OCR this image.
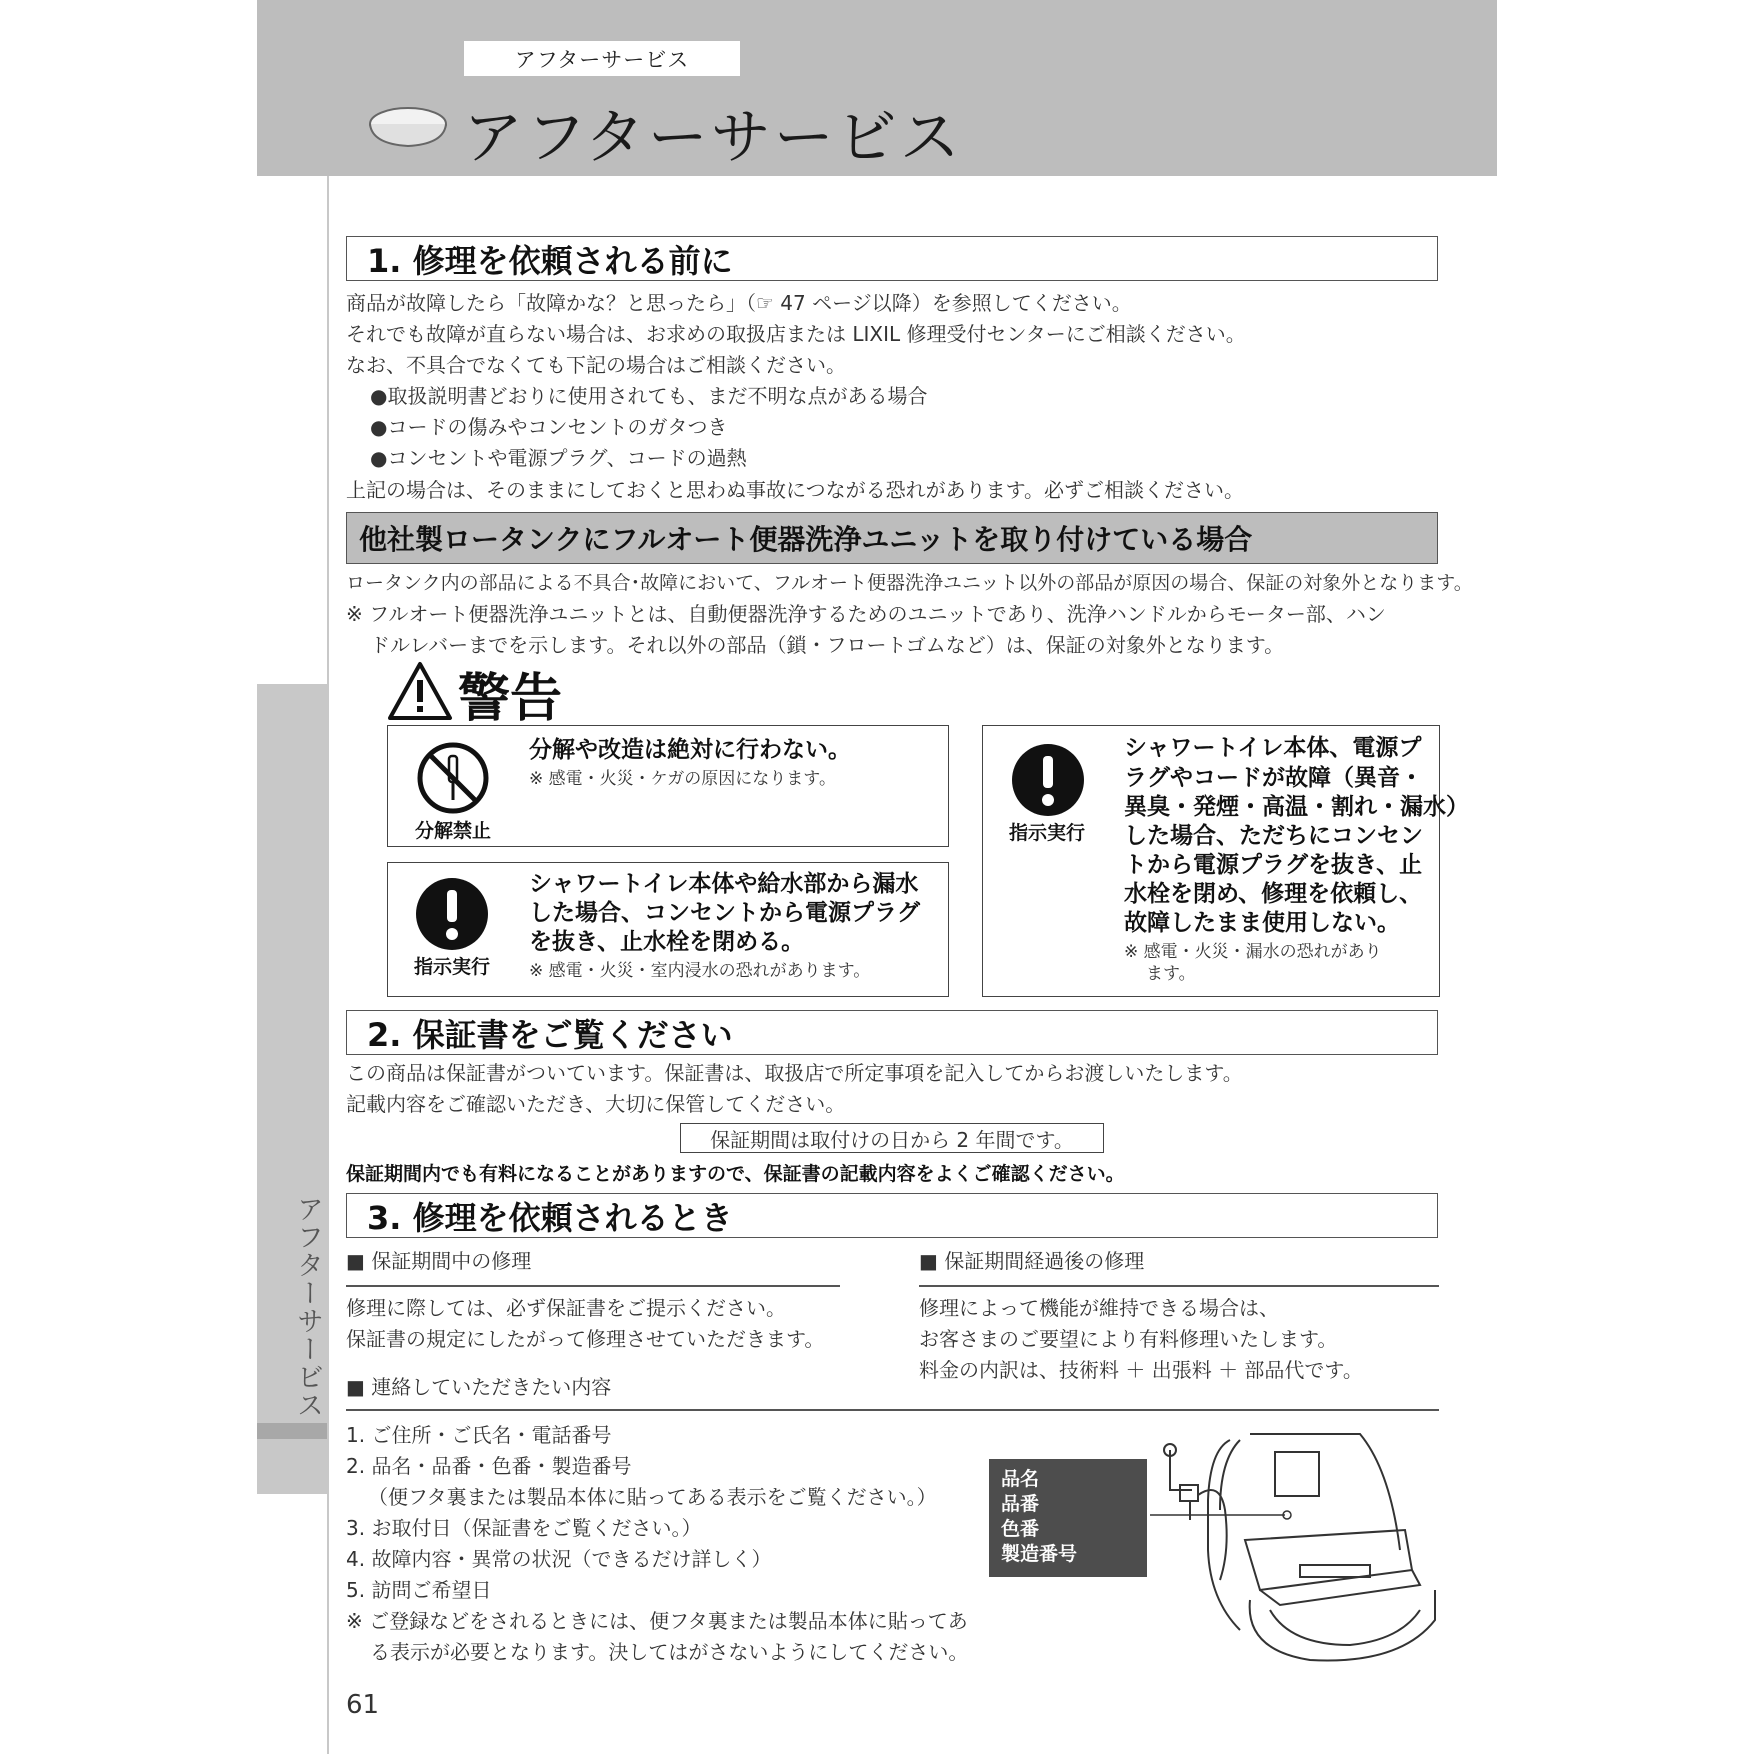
アフターサービス
アフターサービス
アフターサービス
1. 修理を依頼される前に
商品が故障したら「故障かな？と思ったら」（☞ 47 ページ以降）を参照してください。
それでも故障が直らない場合は、お求めの取扱店または LIXIL 修理受付センターにご相談ください。
なお、不具合でなくても下記の場合はご相談ください。
●取扱説明書どおりに使用されても、まだ不明な点がある場合
●コードの傷みやコンセントのガタつき
●コンセントや電源プラグ、コードの過熱
上記の場合は、そのままにしておくと思わぬ事故につながる恐れがあります。必ずご相談ください。
他社製ロータンクにフルオート便器洗浄ユニットを取り付けている場合
ロータンク内の部品による不具合･故障において、フルオート便器洗浄ユニット以外の部品が原因の場合、保証の対象外となります。
※ フルオート便器洗浄ユニットとは、自動便器洗浄するためのユニットであり、洗浄ハンドルからモーター部、ハン
ドルレバーまでを示します。それ以外の部品（鎖・フロートゴムなど）は、保証の対象外となります。
警告
分解禁止
分解や改造は絶対に行わない。
※ 感電・火災・ケガの原因になります。
指示実行
シャワートイレ本体や給水部から漏水
した場合、コンセントから電源プラグ
を抜き、止水栓を閉める。
※ 感電・火災・室内浸水の恐れがあります。
指示実行
シャワートイレ本体、電源プ
ラグやコードが故障（異音・
異臭・発煙・高温・割れ・漏水）
した場合、ただちにコンセン
トから電源プラグを抜き、止
水栓を閉め、修理を依頼し、
故障したまま使用しない。
※ 感電・火災・漏水の恐れがあり
ます。
2. 保証書をご覧ください
この商品は保証書がついています。保証書は、取扱店で所定事項を記入してからお渡しいたします。
記載内容をご確認いただき、大切に保管してください。
保証期間は取付けの日から 2 年間です。
保証期間内でも有料になることがありますので、保証書の記載内容をよくご確認ください。
3. 修理を依頼されるとき
■ 保証期間中の修理
修理に際しては、必ず保証書をご提示ください。
保証書の規定にしたがって修理させていただきます。
■ 保証期間経過後の修理
修理によって機能が維持できる場合は、
お客さまのご要望により有料修理いたします。
料金の内訳は、技術料 ＋ 出張料 ＋ 部品代です。
■ 連絡していただきたい内容
1. ご住所・ご氏名・電話番号
2. 品名・品番・色番・製造番号
（便フタ裏または製品本体に貼ってある表示をご覧ください。）
3. お取付日（保証書をご覧ください。）
4. 故障内容・異常の状況（できるだけ詳しく）
5. 訪問ご希望日
※ ご登録などをされるときには、便フタ裏または製品本体に貼ってあ
る表示が必要となります。決してはがさないようにしてください。
品名
品番
色番
製造番号
61
